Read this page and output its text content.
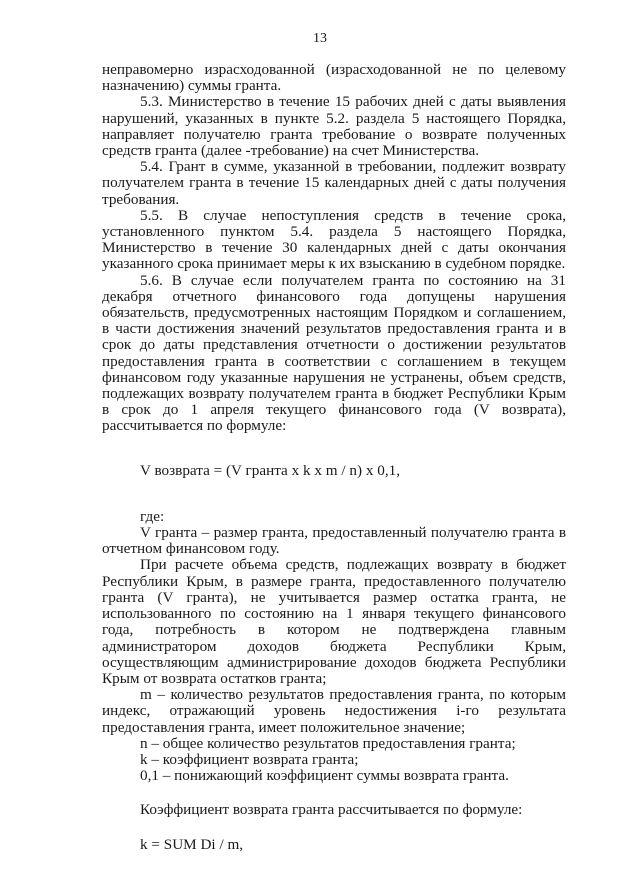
13

неправомерно израсходованной (израсходованной не по целевому назначению) суммы гранта.

5.3. Министерство в течение 15 рабочих дней с даты выявления нарушений, указанных в пункте 5.2. раздела 5 настоящего Порядка, направляет получателю гранта требование о возврате полученных средств гранта (далее -требование) на счет Министерства.

5.4. Грант в сумме, указанной в требовании, подлежит возврату получателем гранта в течение 15 календарных дней с даты получения требования.

5.5. В случае непоступления средств в течение срока, установленного пунктом 5.4. раздела 5 настоящего Порядка, Министерство в течение 30 календарных дней с даты окончания указанного срока принимает меры к их взысканию в судебном порядке.

5.6. В случае если получателем гранта по состоянию на 31 декабря отчетного финансового года допущены нарушения обязательств, предусмотренных настоящим Порядком и соглашением, в части достижения значений результатов предоставления гранта и в срок до даты представления отчетности о достижении результатов предоставления гранта в соответствии с соглашением в текущем финансовом году указанные нарушения не устранены, объем средств, подлежащих возврату получателем гранта в бюджет Республики Крым в срок до 1 апреля текущего финансового года (V возврата), рассчитывается по формуле:

V возврата = (V гранта x k x m / n) x 0,1,

где:

V гранта – размер гранта, предоставленный получателю гранта в отчетном финансовом году.

При расчете объема средств, подлежащих возврату в бюджет Республики Крым, в размере гранта, предоставленного получателю гранта (V гранта), не учитывается размер остатка гранта, не использованного по состоянию на 1 января текущего финансового года, потребность в котором не подтверждена главным администратором доходов бюджета Республики Крым, осуществляющим администрирование доходов бюджета Республики Крым от возврата остатков гранта;

m – количество результатов предоставления гранта, по которым индекс, отражающий уровень недостижения i-го результата предоставления гранта, имеет положительное значение;

n – общее количество результатов предоставления гранта;

k – коэффициент возврата гранта;

0,1 – понижающий коэффициент суммы возврата гранта.

Коэффициент возврата гранта рассчитывается по формуле:

k = SUM Di / m,
